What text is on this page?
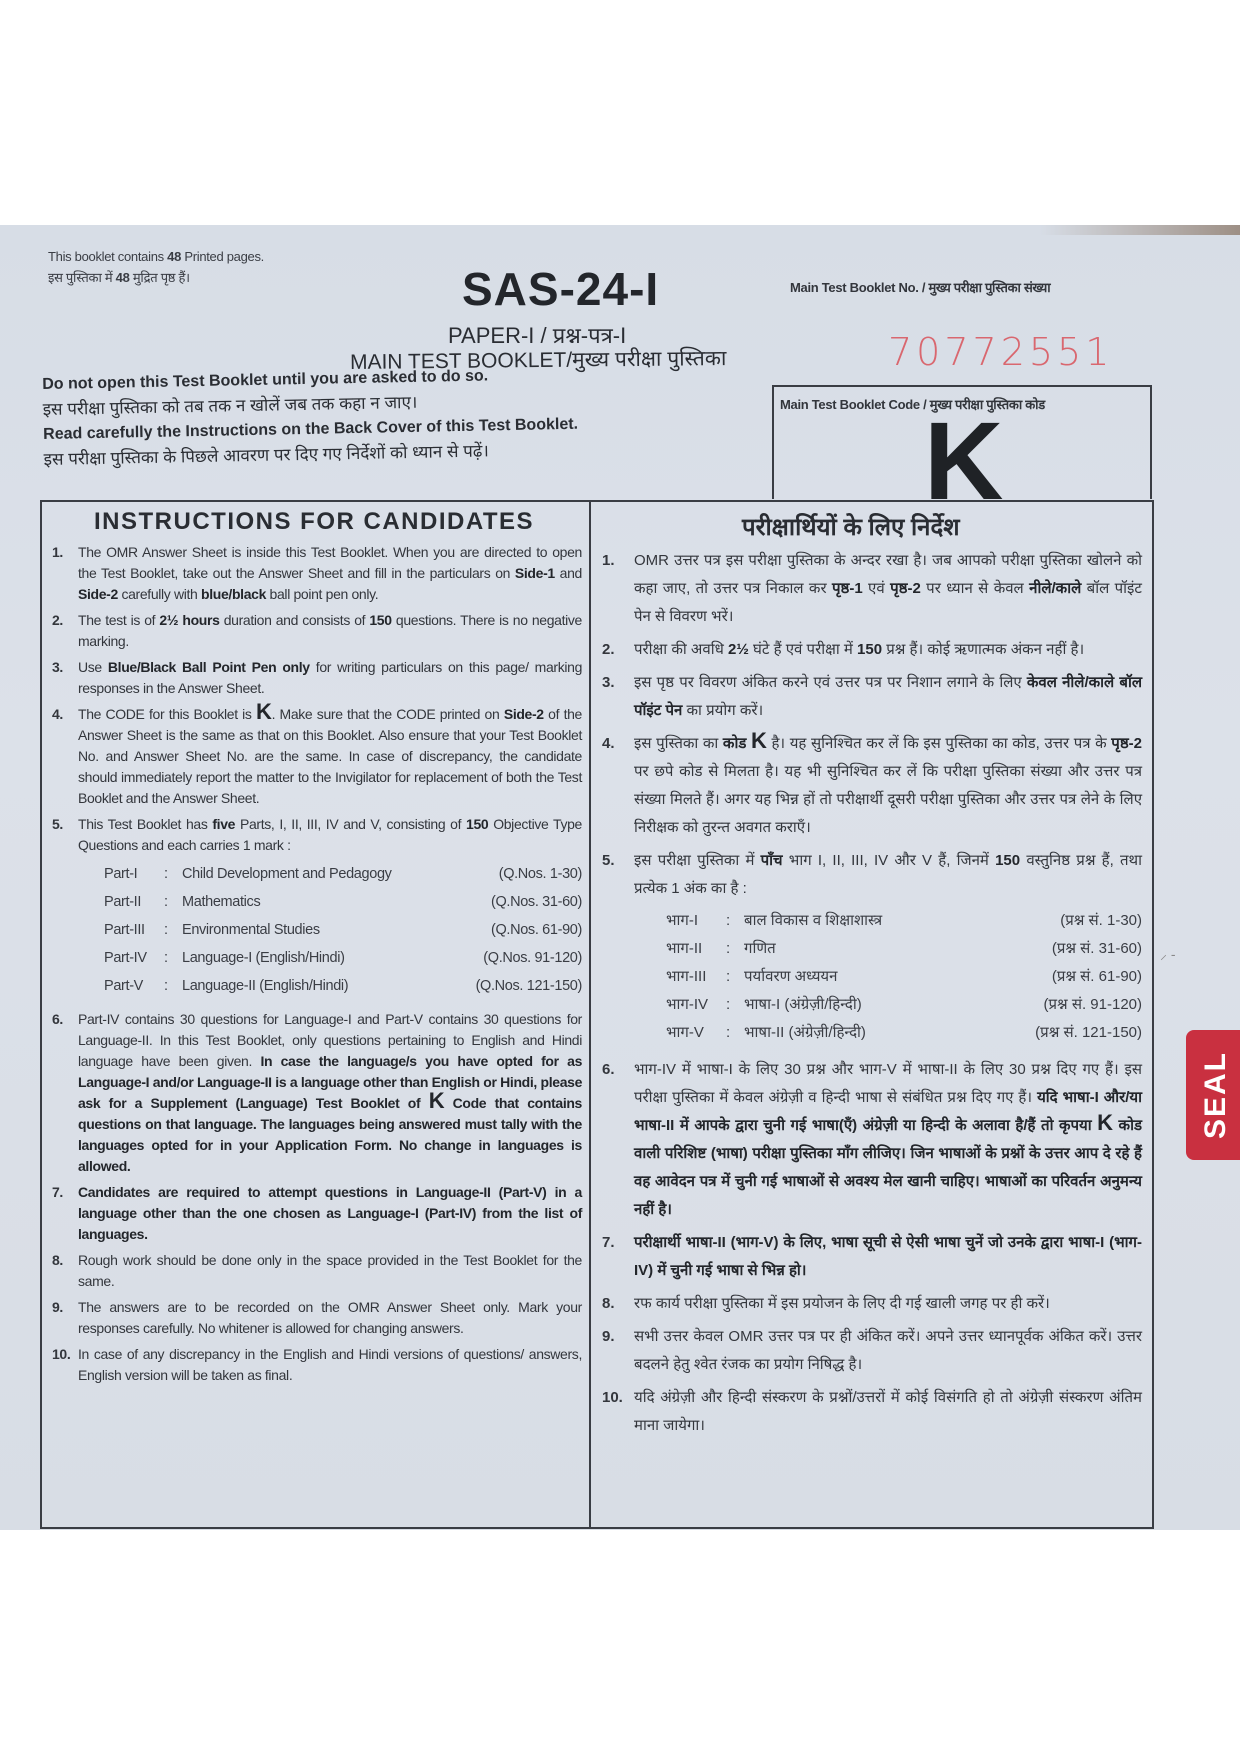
This booklet contains 48 Printed pages.
इस पुस्तिका में 48 मुद्रित पृष्ठ हैं।	SAS-24-I
PAPER-I / प्रश्न-पत्र-I
MAIN TEST BOOKLET/मुख्य परीक्षा पुस्तिका
Main Test Booklet No. / मुख्य परीक्षा पुस्तिका संख्या
70772551
Do not open this Test Booklet until you are asked to do so.
इस परीक्षा पुस्तिका को तब तक न खोलें जब तक कहा न जाए।
Read carefully the Instructions on the Back Cover of this Test Booklet.
इस परीक्षा पुस्तिका के पिछले आवरण पर दिए गए निर्देशों को ध्यान से पढ़ें।
Main Test Booklet Code / मुख्य परीक्षा पुस्तिका कोड
K
INSTRUCTIONS FOR CANDIDATES
1.	The OMR Answer Sheet is inside this Test Booklet. When you are directed to open the Test Booklet, take out the Answer Sheet and fill in the particulars on Side-1 and Side-2 carefully with blue/black ball point pen only.
2.	The test is of 2½ hours duration and consists of 150 questions. There is no negative marking.
3.	Use Blue/Black Ball Point Pen only for writing particulars on this page/ marking responses in the Answer Sheet.
4.	The CODE for this Booklet is K. Make sure that the CODE printed on Side-2 of the Answer Sheet is the same as that on this Booklet. Also ensure that your Test Booklet No. and Answer Sheet No. are the same. In case of discrepancy, the candidate should immediately report the matter to the Invigilator for replacement of both the Test Booklet and the Answer Sheet.
5.	This Test Booklet has five Parts, I, II, III, IV and V, consisting of 150 Objective Type Questions and each carries 1 mark :
Part-I	: Child Development and Pedagogy	(Q.Nos. 1-30)
Part-II	: Mathematics	(Q.Nos. 31-60)
Part-III	: Environmental Studies	(Q.Nos. 61-90)
Part-IV	: Language-I (English/Hindi)	(Q.Nos. 91-120)
Part-V	: Language-II (English/Hindi)	(Q.Nos. 121-150)
6.	Part-IV contains 30 questions for Language-I and Part-V contains 30 questions for Language-II. In this Test Booklet, only questions pertaining to English and Hindi language have been given. In case the language/s you have opted for as Language-I and/or Language-II is a language other than English or Hindi, please ask for a Supplement (Language) Test Booklet of K Code that contains questions on that language. The languages being answered must tally with the languages opted for in your Application Form. No change in languages is allowed.
7.	Candidates are required to attempt questions in Language-II (Part-V) in a language other than the one chosen as Language-I (Part-IV) from the list of languages.
8.	Rough work should be done only in the space provided in the Test Booklet for the same.
9.	The answers are to be recorded on the OMR Answer Sheet only. Mark your responses carefully. No whitener is allowed for changing answers.
10. In case of any discrepancy in the English and Hindi versions of questions/ answers, English version will be taken as final.
परीक्षार्थियों के लिए निर्देश
1.	OMR उत्तर पत्र इस परीक्षा पुस्तिका के अन्दर रखा है। जब आपको परीक्षा पुस्तिका खोलने को कहा जाए, तो उत्तर पत्र निकाल कर पृष्ठ-1 एवं पृष्ठ-2 पर ध्यान से केवल नीले/काले बॉल पॉइंट पेन से विवरण भरें।
2.	परीक्षा की अवधि 2½ घंटे हैं एवं परीक्षा में 150 प्रश्न हैं। कोई ऋणात्मक अंकन नहीं है।
3.	इस पृष्ठ पर विवरण अंकित करने एवं उत्तर पत्र पर निशान लगाने के लिए केवल नीले/काले बॉल पॉइंट पेन का प्रयोग करें।
4.	इस पुस्तिका का कोड K है। यह सुनिश्चित कर लें कि इस पुस्तिका का कोड, उत्तर पत्र के पृष्ठ-2 पर छपे कोड से मिलता है। यह भी सुनिश्चित कर लें कि परीक्षा पुस्तिका संख्या और उत्तर पत्र संख्या मिलते हैं। अगर यह भिन्न हों तो परीक्षार्थी दूसरी परीक्षा पुस्तिका और उत्तर पत्र लेने के लिए निरीक्षक को तुरन्त अवगत कराएँ।
5.	इस परीक्षा पुस्तिका में पाँच भाग I, II, III, IV और V हैं, जिनमें 150 वस्तुनिष्ठ प्रश्न हैं, तथा प्रत्येक 1 अंक का है :
भाग-I	: बाल विकास व शिक्षाशास्त्र	(प्रश्न सं. 1-30)
भाग-II	: गणित	(प्रश्न सं. 31-60)
भाग-III	: पर्यावरण अध्ययन	(प्रश्न सं. 61-90)
भाग-IV	: भाषा-I (अंग्रेज़ी/हिन्दी)	(प्रश्न सं. 91-120)
भाग-V	: भाषा-II (अंग्रेज़ी/हिन्दी)	(प्रश्न सं. 121-150)
6.	भाग-IV में भाषा-I के लिए 30 प्रश्न और भाग-V में भाषा-II के लिए 30 प्रश्न दिए गए हैं। इस परीक्षा पुस्तिका में केवल अंग्रेज़ी व हिन्दी भाषा से संबंधित प्रश्न दिए गए हैं। यदि भाषा-I और/या भाषा-II में आपके द्वारा चुनी गई भाषा(एँ) अंग्रेज़ी या हिन्दी के अलावा है/हैं तो कृपया K कोड वाली परिशिष्ट (भाषा) परीक्षा पुस्तिका माँग लीजिए। जिन भाषाओं के प्रश्नों के उत्तर आप दे रहे हैं वह आवेदन पत्र में चुनी गई भाषाओं से अवश्य मेल खानी चाहिए। भाषाओं का परिवर्तन अनुमन्य नहीं है।
7.	परीक्षार्थी भाषा-II (भाग-V) के लिए, भाषा सूची से ऐसी भाषा चुनें जो उनके द्वारा भाषा-I (भाग-IV) में चुनी गई भाषा से भिन्न हो।
8.	रफ कार्य परीक्षा पुस्तिका में इस प्रयोजन के लिए दी गई खाली जगह पर ही करें।
9.	सभी उत्तर केवल OMR उत्तर पत्र पर ही अंकित करें। अपने उत्तर ध्यानपूर्वक अंकित करें। उत्तर बदलने हेतु श्वेत रंजक का प्रयोग निषिद्ध है।
10. यदि अंग्रेज़ी और हिन्दी संस्करण के प्रश्नों/उत्तरों में कोई विसंगति हो तो अंग्रेज़ी संस्करण अंतिम माना जायेगा।
⸝ ‑
SEAL
